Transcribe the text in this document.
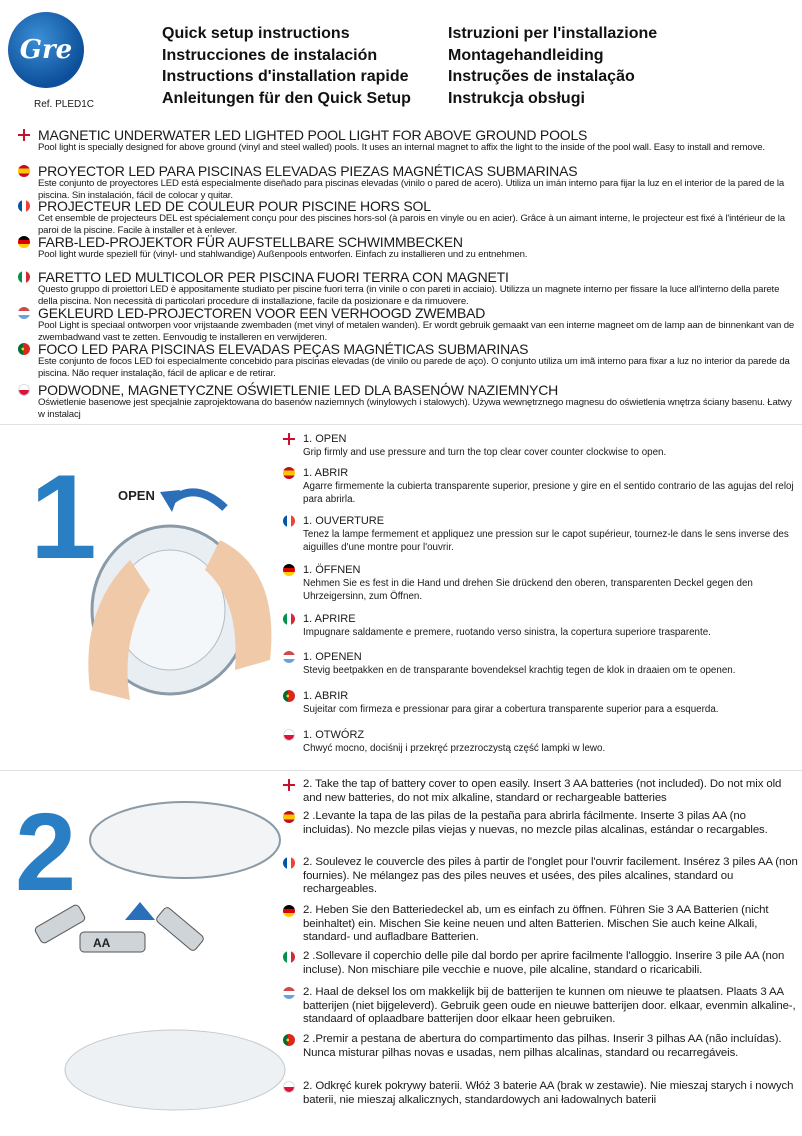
Gre
Ref. PLED1C
Quick setup instructions
Instrucciones de instalación
Instructions d'installation rapide
Anleitungen für den Quick Setup
Istruzioni per l'installazione
Montagehandleiding
Instruções de instalação
Instrukcja obsługi
1 OPEN
2
AA
MAGNETIC UNDERWATER LED LIGHTED POOL LIGHT FOR ABOVE GROUND POOLS

Pool light is specially designed for above ground (vinyl and steel walled) pools. It uses an internal magnet to affix the light to the inside of the pool wall. Easy to install and remove.

PROYECTOR LED PARA PISCINAS ELEVADAS PIEZAS MAGNÉTICAS SUBMARINAS

Este conjunto de proyectores LED está especialmente diseñado para piscinas elevadas (vinilo o pared de acero). Utiliza un imán interno para fijar la luz en el interior de la pared de la piscina. Sin instalación, fácil de colocar y quitar.

PROJECTEUR LED DE COULEUR POUR PISCINE HORS SOL

Cet ensemble de projecteurs DEL est spécialement conçu pour des piscines hors-sol (à parois en vinyle ou en acier). Grâce à un aimant interne, le projecteur est fixé à l'intérieur de la paroi de la piscine. Facile à installer et à enlever.

FARB-LED-PROJEKTOR FÜR AUFSTELLBARE SCHWIMMBECKEN

Pool light wurde speziell für (vinyl- und stahlwandige) Außenpools entworfen. Einfach zu installieren und zu entnehmen.

FARETTO LED MULTICOLOR PER PISCINA FUORI TERRA CON MAGNETI

Questo gruppo di proiettori LED è appositamente studiato per piscine fuori terra (in vinile o con pareti in acciaio). Utilizza un magnete interno per fissare la luce all'interno della parete della piscina. Non necessità di particolari procedure di installazione, facile da posizionare e da rimuovere.

GEKLEURD LED-PROJECTOREN VOOR EEN VERHOOGD ZWEMBAD

Pool Light is speciaal ontworpen voor vrijstaande zwembaden (met vinyl of metalen wanden). Er wordt gebruik gemaakt van een interne magneet om de lamp aan de binnenkant van de zwembadwand vast te zetten. Eenvoudig te installeren en verwijderen.

FOCO LED PARA PISCINAS ELEVADAS PEÇAS MAGNÉTICAS SUBMARINAS

Este conjunto de focos LED foi especialmente concebido para piscinas elevadas (de vinilo ou parede de aço). O conjunto utiliza um imã interno para fixar a luz no interior da parede da piscina. Não requer instalação, fácil de aplicar e de retirar.

PODWODNE, MAGNETYCZNE OŚWIETLENIE LED DLA BASENÓW NAZIEMNYCH

Oświetlenie basenowe jest specjalnie zaprojektowana do basenów naziemnych (winylowych i stalowych). Używa wewnętrznego magnesu do oświetlenia wnętrza ściany basenu. Łatwy w instalacj

1. OPEN

Grip firmly and use pressure and turn the top clear cover counter clockwise to open.

1. ABRIR

Agarre firmemente la cubierta transparente superior, presione y gire en el sentido contrario de las agujas del reloj para abrirla.

1. OUVERTURE

Tenez la lampe fermement et appliquez une pression sur le capot supérieur, tournez-le dans le sens inverse des aiguilles d'une montre pour l'ouvrir.

1. ÖFFNEN

Nehmen Sie es fest in die Hand und drehen Sie drückend den oberen, transparenten Deckel gegen den Uhrzeigersinn, zum Öffnen.

1. APRIRE

Impugnare saldamente e premere, ruotando verso sinistra, la copertura superiore trasparente.

1. OPENEN

Stevig beetpakken en de transparante bovendeksel krachtig tegen de klok in draaien om te openen.

1. ABRIR

Sujeitar com firmeza e pressionar para girar a cobertura transparente superior para a esquerda.

1. OTWÓRZ

Chwyć mocno, dociśnij i przekręć przezroczystą część lampki w lewo.

2. Take the tap of battery cover to open easily. Insert 3 AA batteries (not included). Do not mix old and new batteries, do not mix alkaline, standard or rechargeable batteries
2 .Levante la tapa de las pilas de la pestaña para abrirla fácilmente. Inserte 3 pilas AA (no incluidas). No mezcle pilas viejas y nuevas, no mezcle pilas alcalinas, estándar o recargables.
2. Soulevez le couvercle des piles à partir de l'onglet pour l'ouvrir facilement. Insérez 3 piles AA (non fournies). Ne mélangez pas des piles neuves et usées, des piles alcalines, standard ou rechargeables.
2. Heben Sie den Batteriedeckel ab, um es einfach zu öffnen. Führen Sie 3 AA Batterien (nicht beinhaltet) ein. Mischen Sie keine neuen und alten Batterien. Mischen Sie auch keine Alkali, standard- und aufladbare Batterien.
2 .Sollevare il coperchio delle pile dal bordo per aprire facilmente l'alloggio. Inserire 3 pile AA (non incluse). Non mischiare pile vecchie e nuove, pile alcaline, standard o ricaricabili.
2. Haal de deksel los om makkelijk bij de batterijen te kunnen om nieuwe te plaatsen. Plaats 3 AA batterijen (niet bijgeleverd). Gebruik geen oude en nieuwe batterijen door. elkaar, evenmin alkaline-, standaard of oplaadbare batterijen door elkaar heen gebruiken.
2 .Premir a pestana de abertura do compartimento das pilhas. Inserir 3 pilhas AA (não incluídas). Nunca misturar pilhas novas e usadas, nem pilhas alcalinas, standard ou recarregáveis.
2. Odkręć kurek pokrywy baterii. Włóż 3 baterie AA (brak w zestawie). Nie mieszaj starych i nowych baterii, nie mieszaj alkalicznych, standardowych ani ładowalnych baterii
